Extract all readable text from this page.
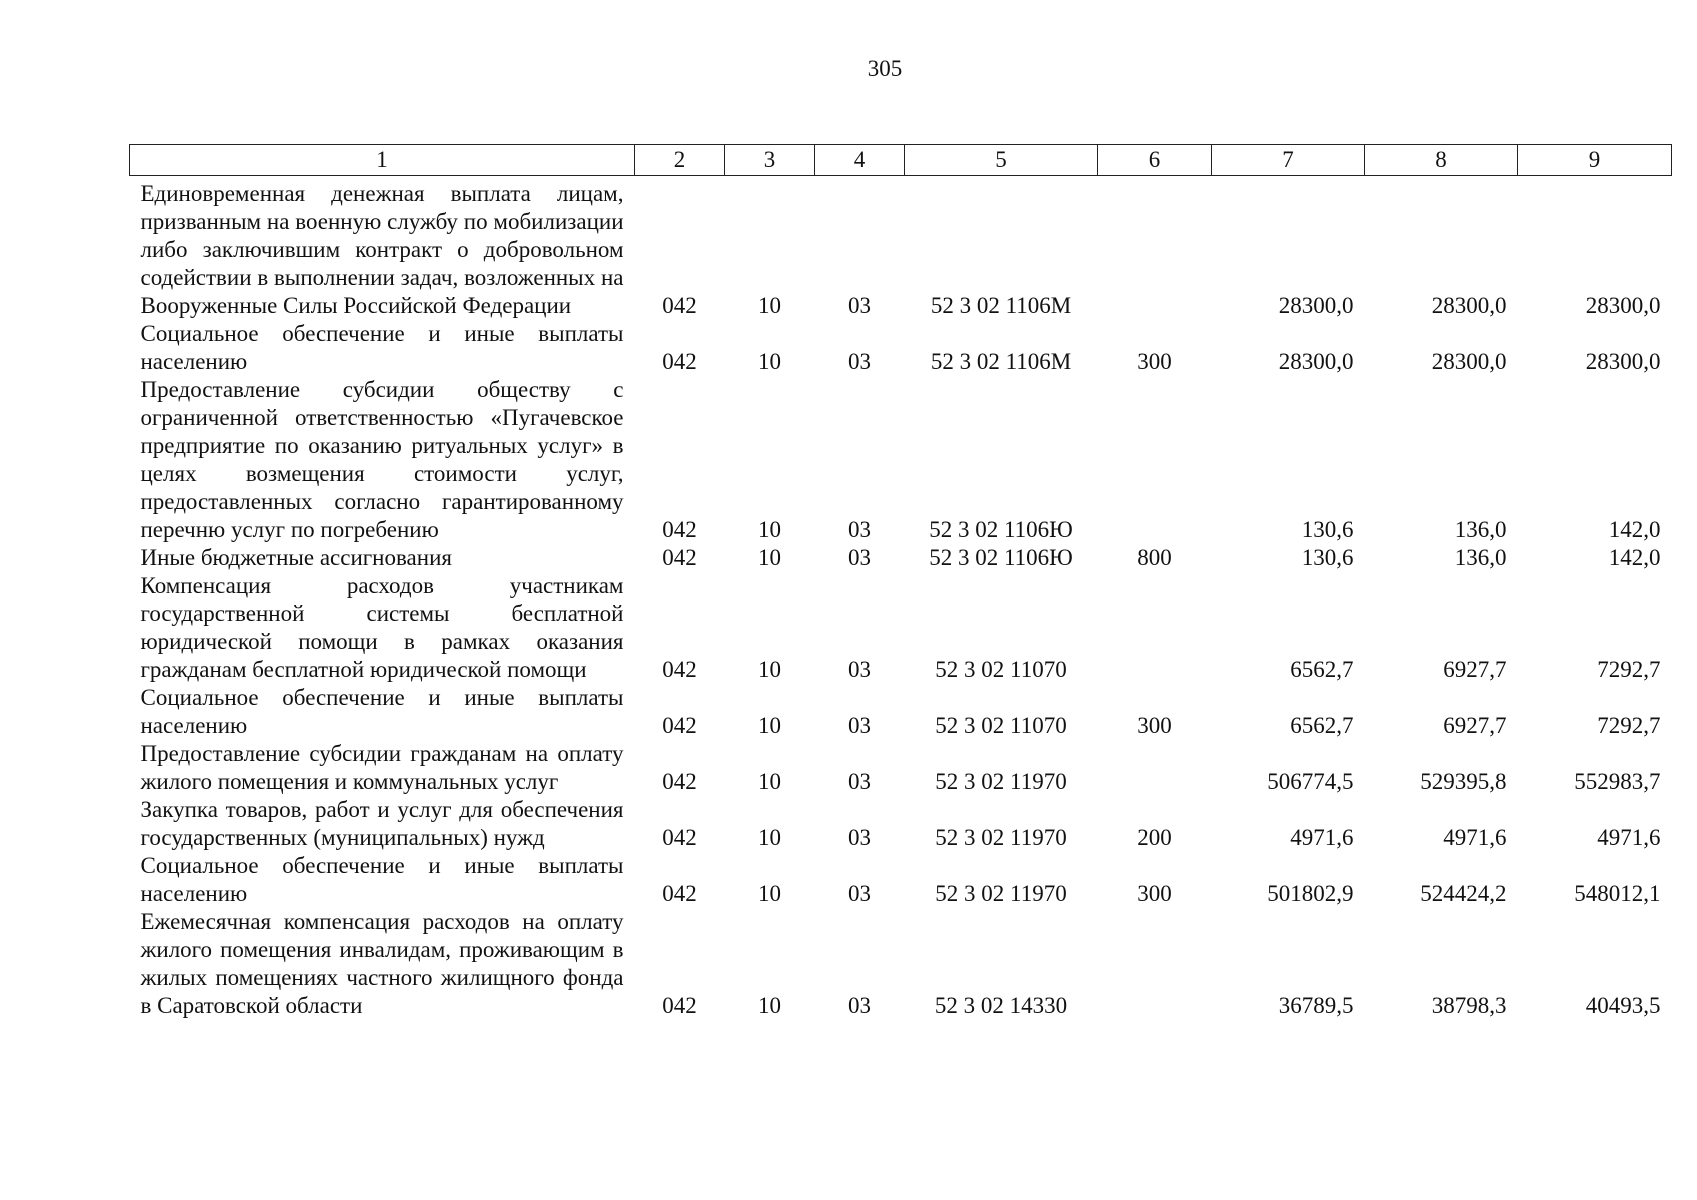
305
1	2	3	4	5	6	7	8	9
Единовременная денежная выплата лицам, призванным на военную службу по мобилизации либо заключившим контракт о добровольном содействии в выполнении задач, возложенных на Вооруженные Силы Российской Федерации	042	10	03	52 3 02 1106М		28300,0	28300,0	28300,0
Социальное обеспечение и иные выплаты населению	042	10	03	52 3 02 1106М	300	28300,0	28300,0	28300,0
Предоставление субсидии обществу с ограниченной ответственностью «Пугачевское предприятие по оказанию ритуальных услуг» в целях возмещения стоимости услуг, предоставленных согласно гарантированному перечню услуг по погребению	042	10	03	52 3 02 1106Ю		130,6	136,0	142,0
Иные бюджетные ассигнования	042	10	03	52 3 02 1106Ю	800	130,6	136,0	142,0
Компенсация расходов участникам государственной системы бесплатной юридической помощи в рамках оказания гражданам бесплатной юридической помощи	042	10	03	52 3 02 11070		6562,7	6927,7	7292,7
Социальное обеспечение и иные выплаты населению	042	10	03	52 3 02 11070	300	6562,7	6927,7	7292,7
Предоставление субсидии гражданам на оплату жилого помещения и коммунальных услуг	042	10	03	52 3 02 11970		506774,5	529395,8	552983,7
Закупка товаров, работ и услуг для обеспечения государственных (муниципальных) нужд	042	10	03	52 3 02 11970	200	4971,6	4971,6	4971,6
Социальное обеспечение и иные выплаты населению	042	10	03	52 3 02 11970	300	501802,9	524424,2	548012,1
Ежемесячная компенсация расходов на оплату жилого помещения инвалидам, проживающим в жилых помещениях частного жилищного фонда в Саратовской области	042	10	03	52 3 02 14330		36789,5	38798,3	40493,5
